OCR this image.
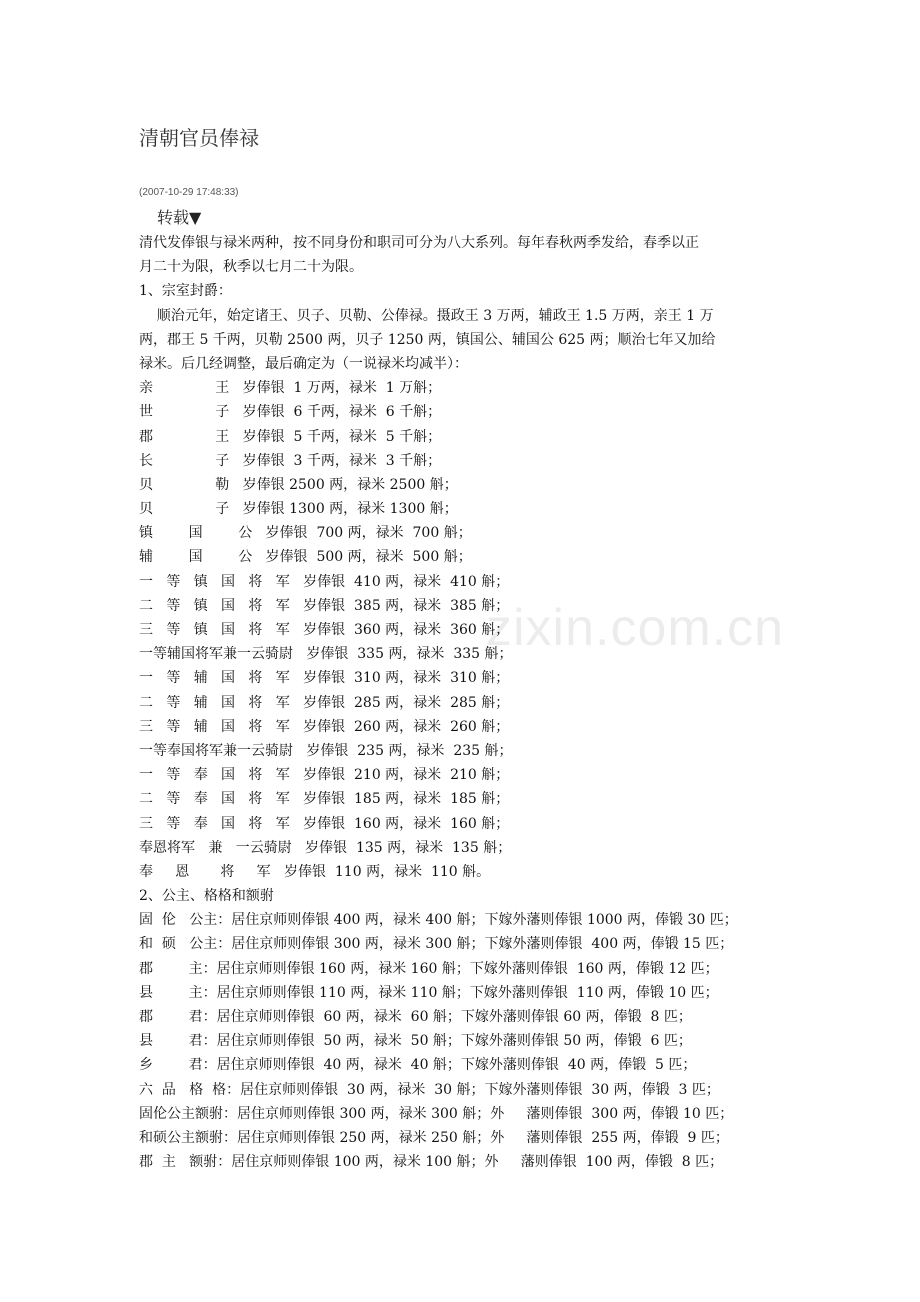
清朝官员俸禄
(2007-10-29 17:48:33)
转载▼
清代发俸银与禄米两种，按不同身份和职司可分为八大系列。每年春秋两季发给，春季以正
月二十为限，秋季以七月二十为限。
1、宗室封爵：
顺治元年，始定诸王、贝子、贝勒、公俸禄。摄政王 3 万两，辅政王 1.5 万两，亲王 1 万
两，郡王 5 千两，贝勒 2500 两，贝子 1250 两，镇国公、辅国公 625 两；顺治七年又加给
禄米。后几经调整，最后确定为（一说禄米均减半）：
亲              王   岁俸银  1 万两，禄米  1 万斛；
世              子   岁俸银  6 千两，禄米  6 千斛；
郡              王   岁俸银  5 千两，禄米  5 千斛；
长              子   岁俸银  3 千两，禄米  3 千斛；
贝              勒   岁俸银 2500 两，禄米 2500 斛；
贝              子   岁俸银 1300 两，禄米 1300 斛；
镇        国        公   岁俸银  700 两，禄米  700 斛；
辅        国        公   岁俸银  500 两，禄米  500 斛；
一   等   镇   国   将   军   岁俸银  410 两，禄米  410 斛；
二   等   镇   国   将   军   岁俸银  385 两，禄米  385 斛；
三   等   镇   国   将   军   岁俸银  360 两，禄米  360 斛；
一等辅国将军兼一云骑尉   岁俸银  335 两，禄米  335 斛；
一   等   辅   国   将   军   岁俸银  310 两，禄米  310 斛；
二   等   辅   国   将   军   岁俸银  285 两，禄米  285 斛；
三   等   辅   国   将   军   岁俸银  260 两，禄米  260 斛；
一等奉国将军兼一云骑尉   岁俸银  235 两，禄米  235 斛；
一   等   奉   国   将   军   岁俸银  210 两，禄米  210 斛；
二   等   奉   国   将   军   岁俸银  185 两，禄米  185 斛；
三   等   奉   国   将   军   岁俸银  160 两，禄米  160 斛；
奉恩将军   兼   一云骑尉   岁俸银  135 两，禄米  135 斛；
奉     恩       将     军   岁俸银  110 两，禄米  110 斛。
2、公主、格格和额驸
固  伦   公主：居住京师则俸银 400 两，禄米 400 斛；下嫁外藩则俸银 1000 两，俸锻 30 匹；
和  硕   公主：居住京师则俸银 300 两，禄米 300 斛；下嫁外藩则俸银  400 两，俸锻 15 匹；
郡        主：居住京师则俸银 160 两，禄米 160 斛；下嫁外藩则俸银  160 两，俸锻 12 匹；
县        主：居住京师则俸银 110 两，禄米 110 斛；下嫁外藩则俸银  110 两，俸锻 10 匹；
郡        君：居住京师则俸银  60 两，禄米  60 斛；下嫁外藩则俸银 60 两，俸锻  8 匹；
县        君：居住京师则俸银  50 两，禄米  50 斛；下嫁外藩则俸银 50 两，俸锻  6 匹；
乡        君：居住京师则俸银  40 两，禄米  40 斛；下嫁外藩则俸银  40 两，俸锻  5 匹；
六  品   格  格：居住京师则俸银  30 两，禄米  30 斛；下嫁外藩则俸银  30 两，俸锻  3 匹；
固伦公主额驸：居住京师则俸银 300 两，禄米 300 斛；外     藩则俸银  300 两，俸锻 10 匹；
和硕公主额驸：居住京师则俸银 250 两，禄米 250 斛；外     藩则俸银  255 两，俸锻  9 匹；
郡  主   额驸：居住京师则俸银 100 两，禄米 100 斛；外     藩则俸银  100 两，俸锻  8 匹；
zixin.com.cn
